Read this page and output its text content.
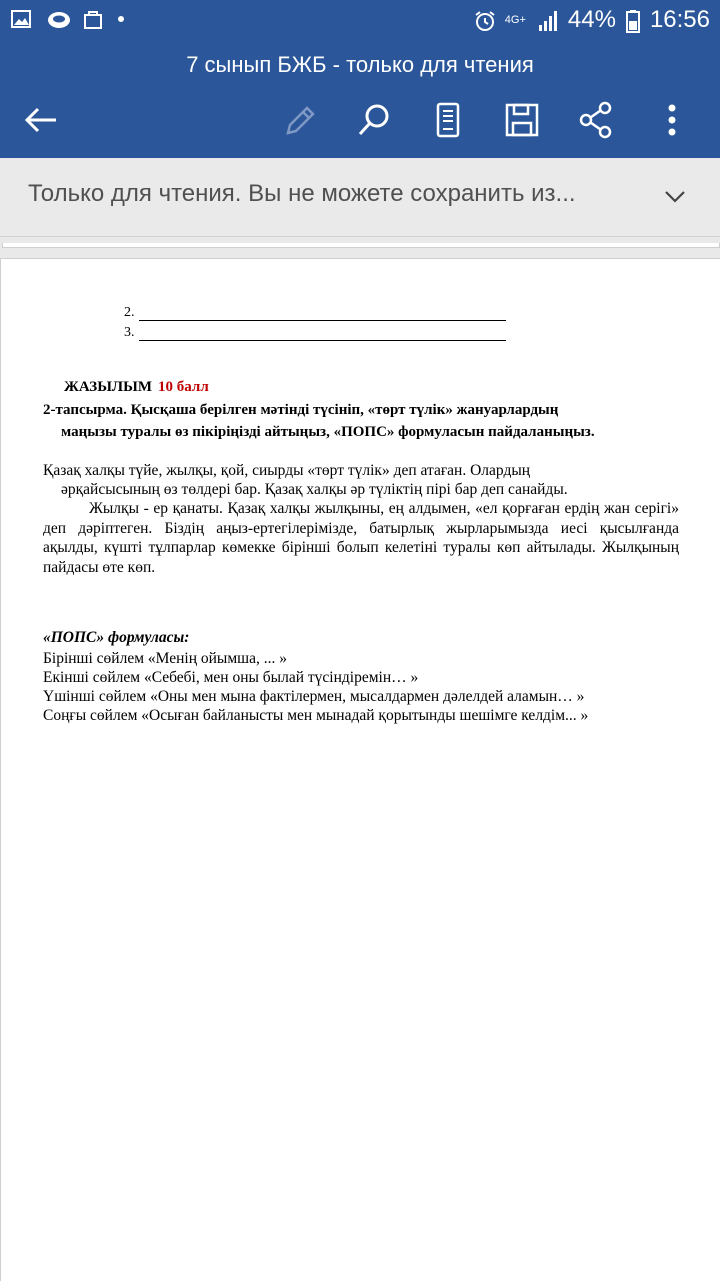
4G+ 44% 16:56
7 сынып БЖБ - только для чтения
Только для чтения. Вы не можете сохранить из...
2.
3.
ЖАЗЫЛЫМ 10 балл
2-тапсырма. Қысқаша берілген мәтінді түсініп, «төрт түлік» жануарлардың
маңызы туралы өз пікіріңізді айтыңыз, «ПОПС» формуласын пайдаланыңыз.
Қазақ халқы түйе, жылқы, қой, сиырды «төрт түлік» деп атаған. Олардың
әрқайсысының өз төлдері бар. Қазақ халқы әр түліктің пірі бар деп санайды.
Жылқы - ер қанаты. Қазақ халқы жылқыны, ең алдымен, «ел қорғаған ердің жан серігі» деп дәріптеген. Біздің аңыз-ертегілерімізде, батырлық жырларымызда иесі қысылғанда ақылды, күшті тұлпарлар көмекке бірінші болып келетіні туралы көп айтылады. Жылқының пайдасы өте көп.
«ПОПС» формуласы:
Бірінші сөйлем «Менің ойымша, ... »
Екінші сөйлем «Себебі, мен оны былай түсіндіремін… »
Үшінші сөйлем «Оны мен мына фактілермен, мысалдармен дәлелдей аламын… »
Соңғы сөйлем «Осыған байланысты мен мынадай қорытынды шешімге келдім... »
